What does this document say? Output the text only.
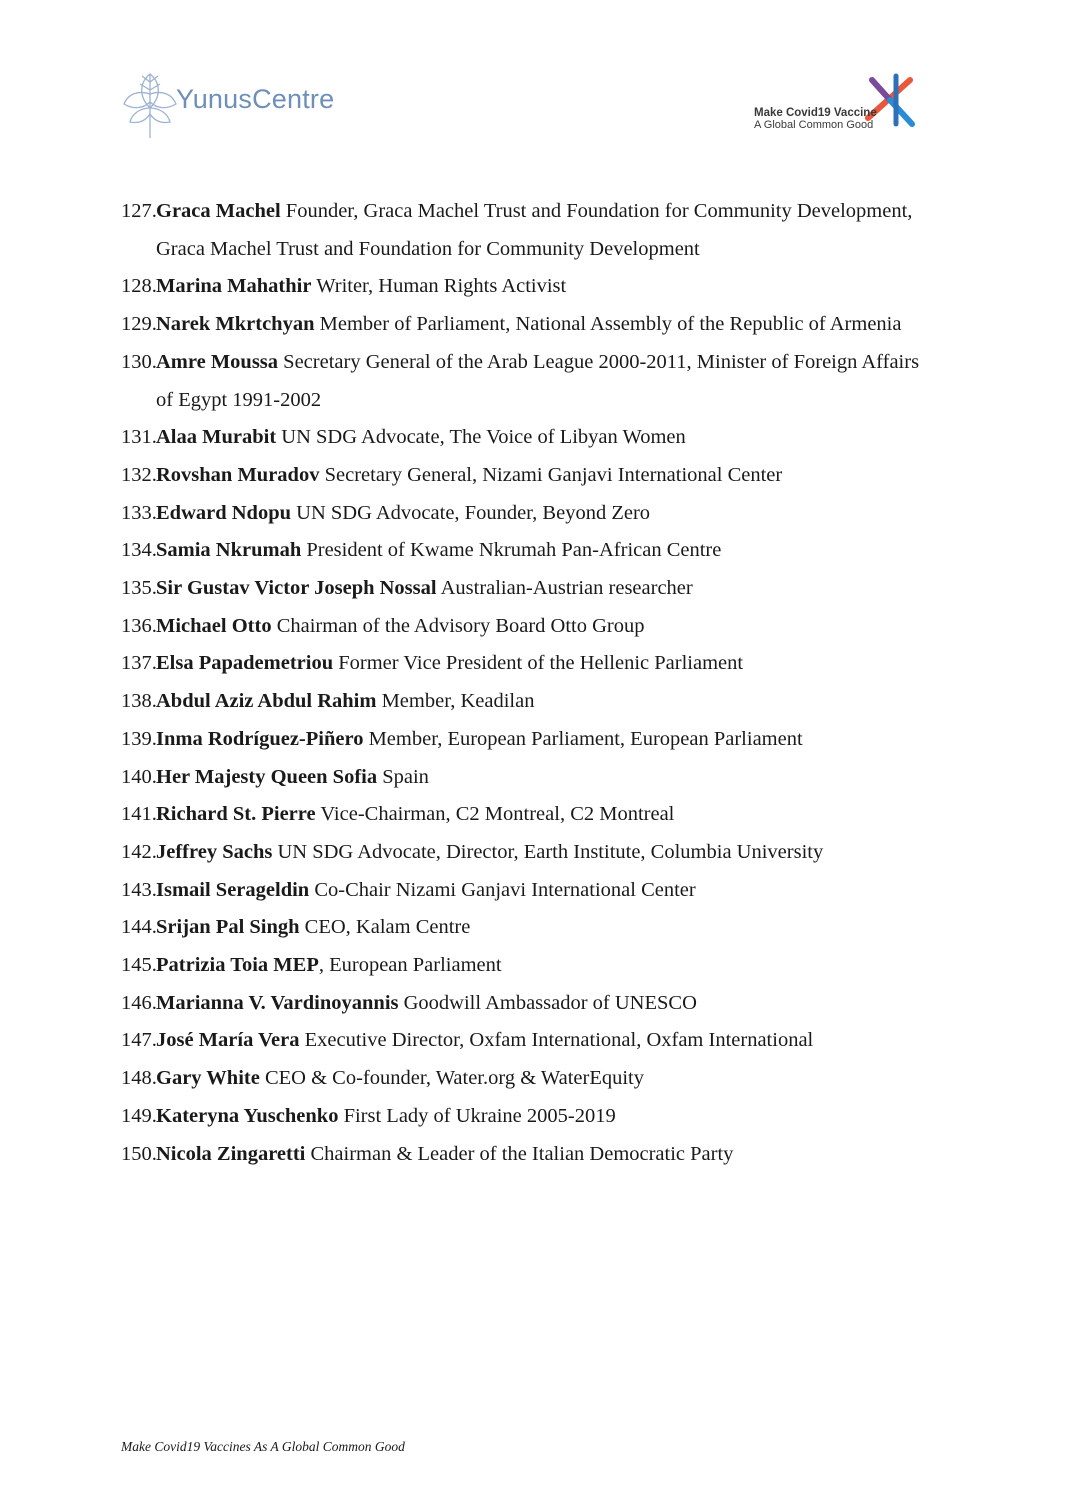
YunusCentre	Make Covid19 Vaccine
A Global Common Good
127. Graca Machel Founder, Graca Machel Trust and Foundation for Community Development, Graca Machel Trust and Foundation for Community Development
128. Marina Mahathir Writer, Human Rights Activist
129. Narek Mkrtchyan Member of Parliament, National Assembly of the Republic of Armenia
130. Amre Moussa Secretary General of the Arab League 2000-2011, Minister of Foreign Affairs of Egypt 1991-2002
131. Alaa Murabit UN SDG Advocate, The Voice of Libyan Women
132. Rovshan Muradov Secretary General, Nizami Ganjavi International Center
133. Edward Ndopu UN SDG Advocate, Founder, Beyond Zero
134. Samia Nkrumah President of Kwame Nkrumah Pan-African Centre
135. Sir Gustav Victor Joseph Nossal Australian-Austrian researcher
136. Michael Otto Chairman of the Advisory Board Otto Group
137. Elsa Papademetriou Former Vice President of the Hellenic Parliament
138. Abdul Aziz Abdul Rahim Member, Keadilan
139. Inma Rodríguez-Piñero Member, European Parliament, European Parliament
140. Her Majesty Queen Sofia Spain
141. Richard St. Pierre Vice-Chairman, C2 Montreal, C2 Montreal
142. Jeffrey Sachs UN SDG Advocate, Director, Earth Institute, Columbia University
143. Ismail Serageldin Co-Chair Nizami Ganjavi International Center
144. Srijan Pal Singh CEO, Kalam Centre
145. Patrizia Toia MEP, European Parliament
146. Marianna V. Vardinoyannis Goodwill Ambassador of UNESCO
147. José María Vera Executive Director, Oxfam International, Oxfam International
148. Gary White CEO & Co-founder, Water.org & WaterEquity
149. Kateryna Yuschenko First Lady of Ukraine 2005-2019
150. Nicola Zingaretti Chairman & Leader of the Italian Democratic Party
Make Covid19 Vaccines As A Global Common Good
